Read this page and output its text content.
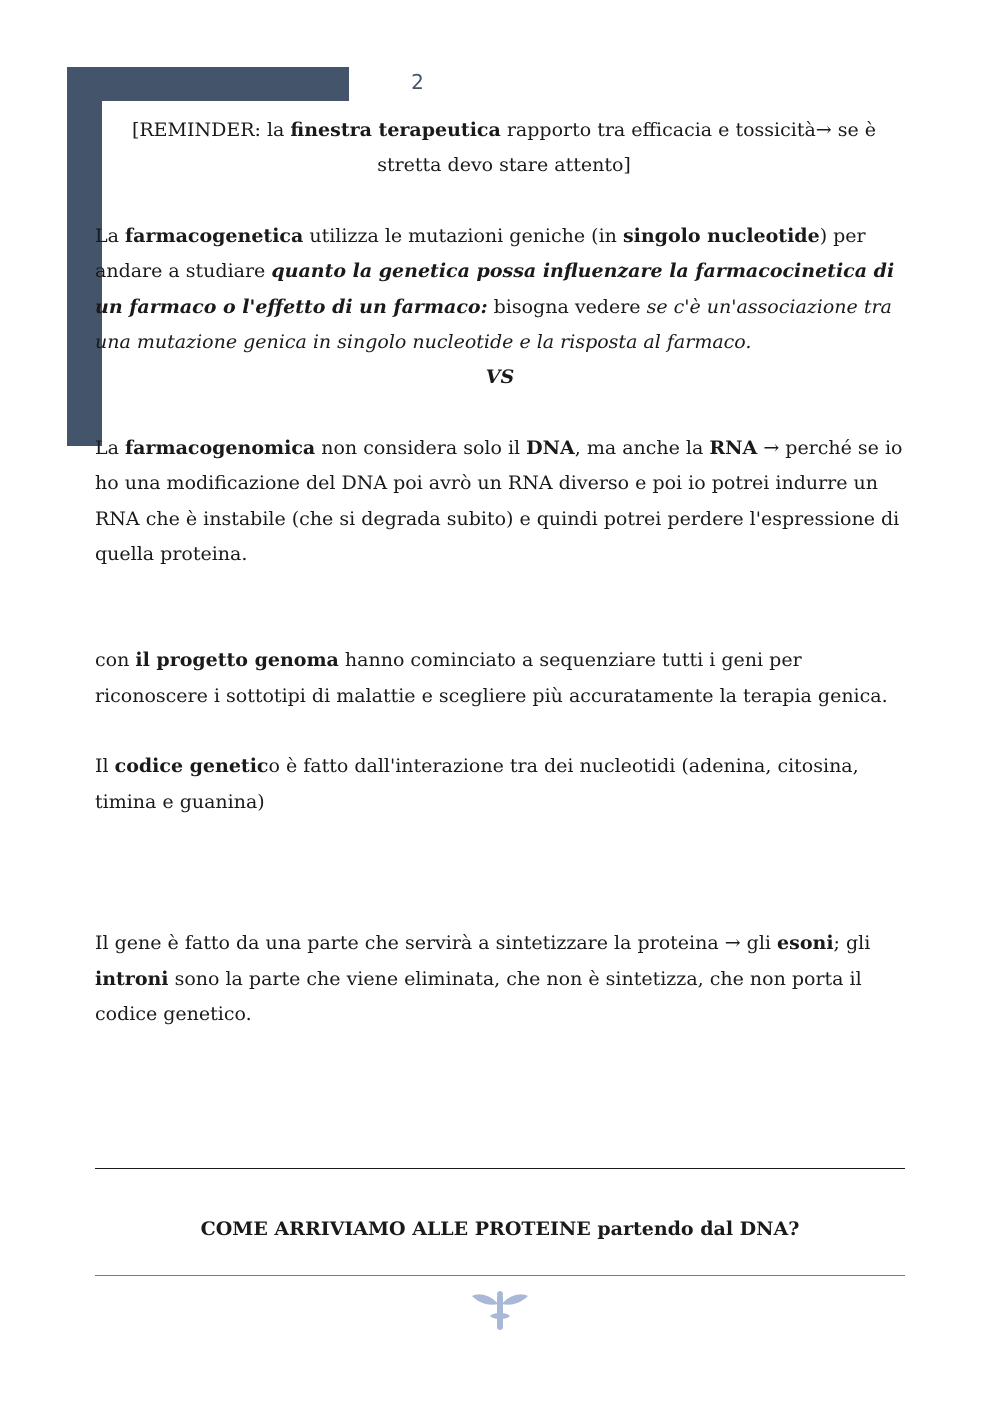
2

[REMINDER: la finestra terapeutica rapporto tra efficacia e tossicità→ se è stretta devo stare attento]

La farmacogenetica utilizza le mutazioni geniche (in singolo nucleotide) per andare a studiare quanto la genetica possa influenzare la farmacocinetica di un farmaco o l'effetto di un farmaco: bisogna vedere se c'è un'associazione tra una mutazione genica in singolo nucleotide e la risposta al farmaco.

VS

La farmacogenomica non considera solo il DNA, ma anche la RNA → perché se io ho una modificazione del DNA poi avrò un RNA diverso e poi io potrei indurre un RNA che è instabile (che si degrada subito) e quindi potrei perdere l'espressione di quella proteina.

con il progetto genoma hanno cominciato a sequenziare tutti i geni per riconoscere i sottotipi di malattie e scegliere più accuratamente la terapia genica.

Il codice genetico è fatto dall'interazione tra dei nucleotidi (adenina, citosina, timina e guanina)

Il gene è fatto da una parte che servirà a sintetizzare la proteina → gli esoni; gli introni sono la parte che viene eliminata, che non è sintetizza, che non porta il codice genetico.

COME ARRIVIAMO ALLE PROTEINE partendo dal DNA?
